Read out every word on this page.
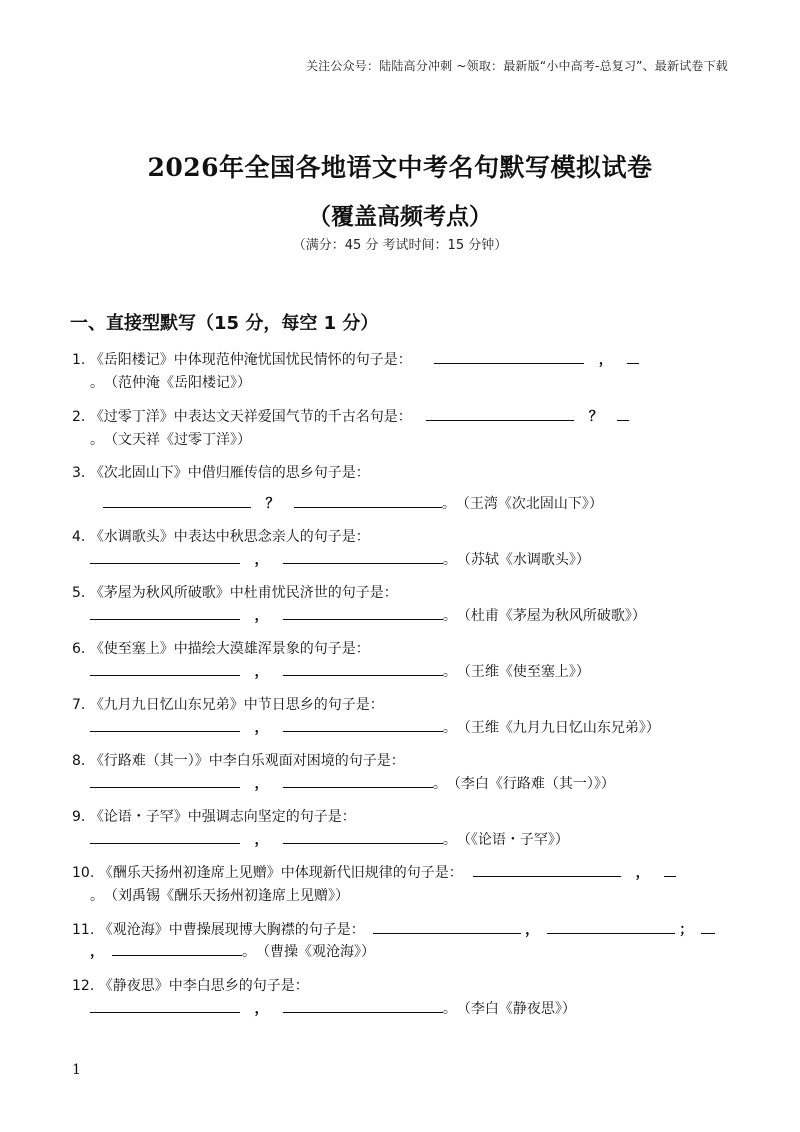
关注公众号：陆陆高分冲刺 ~领取：最新版“小中高考-总复习”、最新试卷下载
2026年全国各地语文中考名句默写模拟试卷
（覆盖高频考点）
（满分：45 分 考试时间：15 分钟）
一、直接型默写（15 分，每空 1 分）
1. 《岳阳楼记》中体现范仲淹忧国忧民情怀的句子是：	，
。（范仲淹《岳阳楼记》）
2. 《过零丁洋》中表达文天祥爱国气节的千古名句是：	？
。（文天祥《过零丁洋》）
3. 《次北固山下》中借归雁传信的思乡句子是：
？	。（王湾《次北固山下》）
4. 《水调歌头》中表达中秋思念亲人的句子是：
，	。（苏轼《水调歌头》）
5. 《茅屋为秋风所破歌》中杜甫忧民济世的句子是：
，	。（杜甫《茅屋为秋风所破歌》）
6. 《使至塞上》中描绘大漠雄浑景象的句子是：
，	。（王维《使至塞上》）
7. 《九月九日忆山东兄弟》中节日思乡的句子是：
，	。（王维《九月九日忆山东兄弟》）
8. 《行路难（其一）》中李白乐观面对困境的句子是：
，	。（李白《行路难（其一）》）
9. 《论语・子罕》中强调志向坚定的句子是：
，	。（《论语・子罕》）
10. 《酬乐天扬州初逢席上见赠》中体现新代旧规律的句子是：	，
。（刘禹锡《酬乐天扬州初逢席上见赠》）
11. 《观沧海》中曹操展现博大胸襟的句子是：	，	；
，	。（曹操《观沧海》）
12. 《静夜思》中李白思乡的句子是：
，	。（李白《静夜思》）
1
